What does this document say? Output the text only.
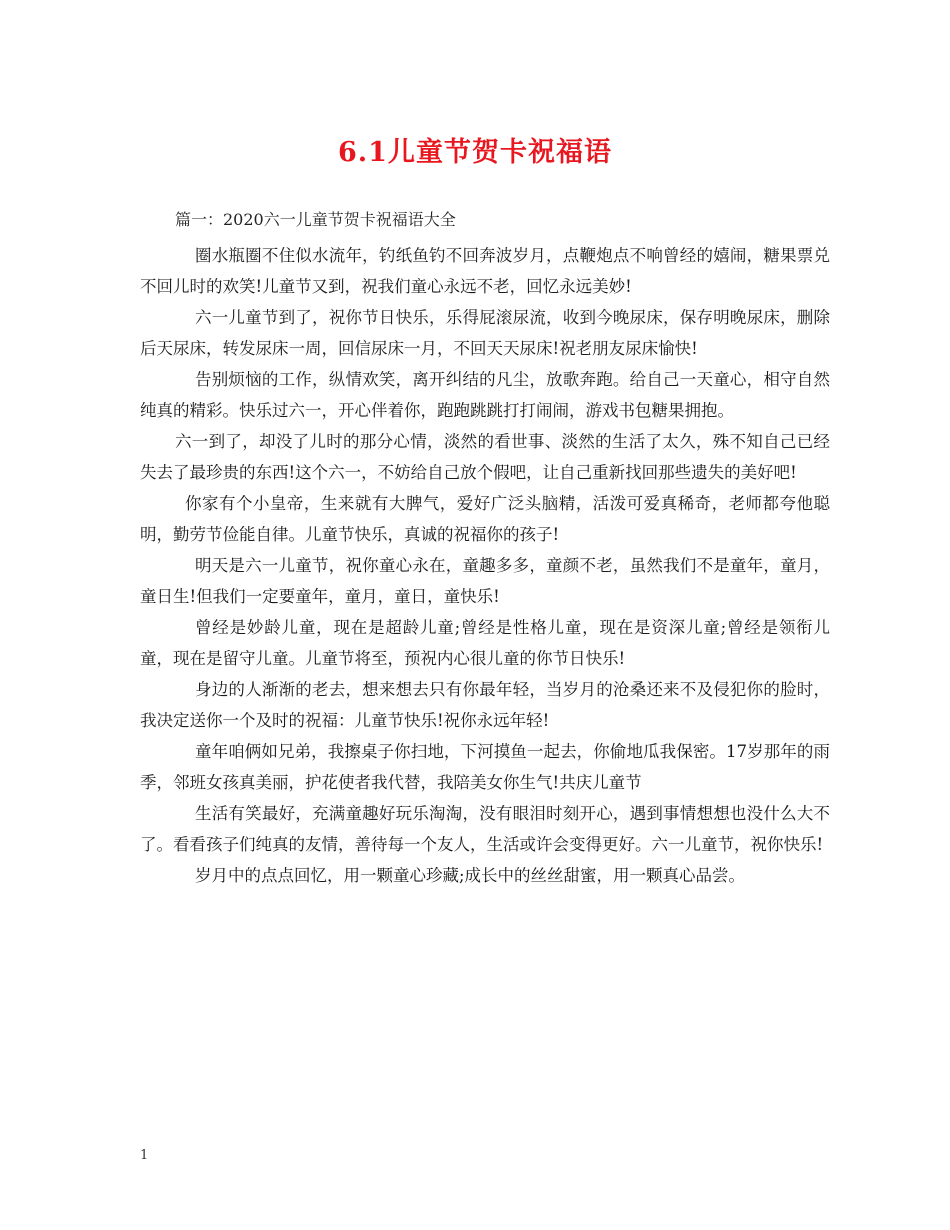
6.1儿童节贺卡祝福语
篇一：2020六一儿童节贺卡祝福语大全

圈水瓶圈不住似水流年，钓纸鱼钓不回奔波岁月，点鞭炮点不响曾经的嬉闹，糖果票兑不回儿时的欢笑!儿童节又到，祝我们童心永远不老，回忆永远美妙!

六一儿童节到了，祝你节日快乐，乐得屁滚尿流，收到今晚尿床，保存明晚尿床，删除后天尿床，转发尿床一周，回信尿床一月，不回天天尿床!祝老朋友尿床愉快!

告别烦恼的工作，纵情欢笑，离开纠结的凡尘，放歌奔跑。给自己一天童心，相守自然纯真的精彩。快乐过六一，开心伴着你，跑跑跳跳打打闹闹，游戏书包糖果拥抱。

六一到了，却没了儿时的那分心情，淡然的看世事、淡然的生活了太久，殊不知自己已经失去了最珍贵的东西!这个六一，不妨给自己放个假吧，让自己重新找回那些遗失的美好吧!

你家有个小皇帝，生来就有大脾气，爱好广泛头脑精，活泼可爱真稀奇，老师都夸他聪明，勤劳节俭能自律。儿童节快乐，真诚的祝福你的孩子!

明天是六一儿童节，祝你童心永在，童趣多多，童颜不老，虽然我们不是童年，童月，童日生!但我们一定要童年，童月，童日，童快乐!

曾经是妙龄儿童，现在是超龄儿童;曾经是性格儿童，现在是资深儿童;曾经是领衔儿童，现在是留守儿童。儿童节将至，预祝内心很儿童的你节日快乐!

身边的人渐渐的老去，想来想去只有你最年轻，当岁月的沧桑还来不及侵犯你的脸时，我决定送你一个及时的祝福：儿童节快乐!祝你永远年轻!

童年咱俩如兄弟，我擦桌子你扫地，下河摸鱼一起去，你偷地瓜我保密。17岁那年的雨季，邻班女孩真美丽，护花使者我代替，我陪美女你生气!共庆儿童节

生活有笑最好，充满童趣好玩乐淘淘，没有眼泪时刻开心，遇到事情想想也没什么大不了。看看孩子们纯真的友情，善待每一个友人，生活或许会变得更好。六一儿童节，祝你快乐!

岁月中的点点回忆，用一颗童心珍藏;成长中的丝丝甜蜜，用一颗真心品尝。

1
